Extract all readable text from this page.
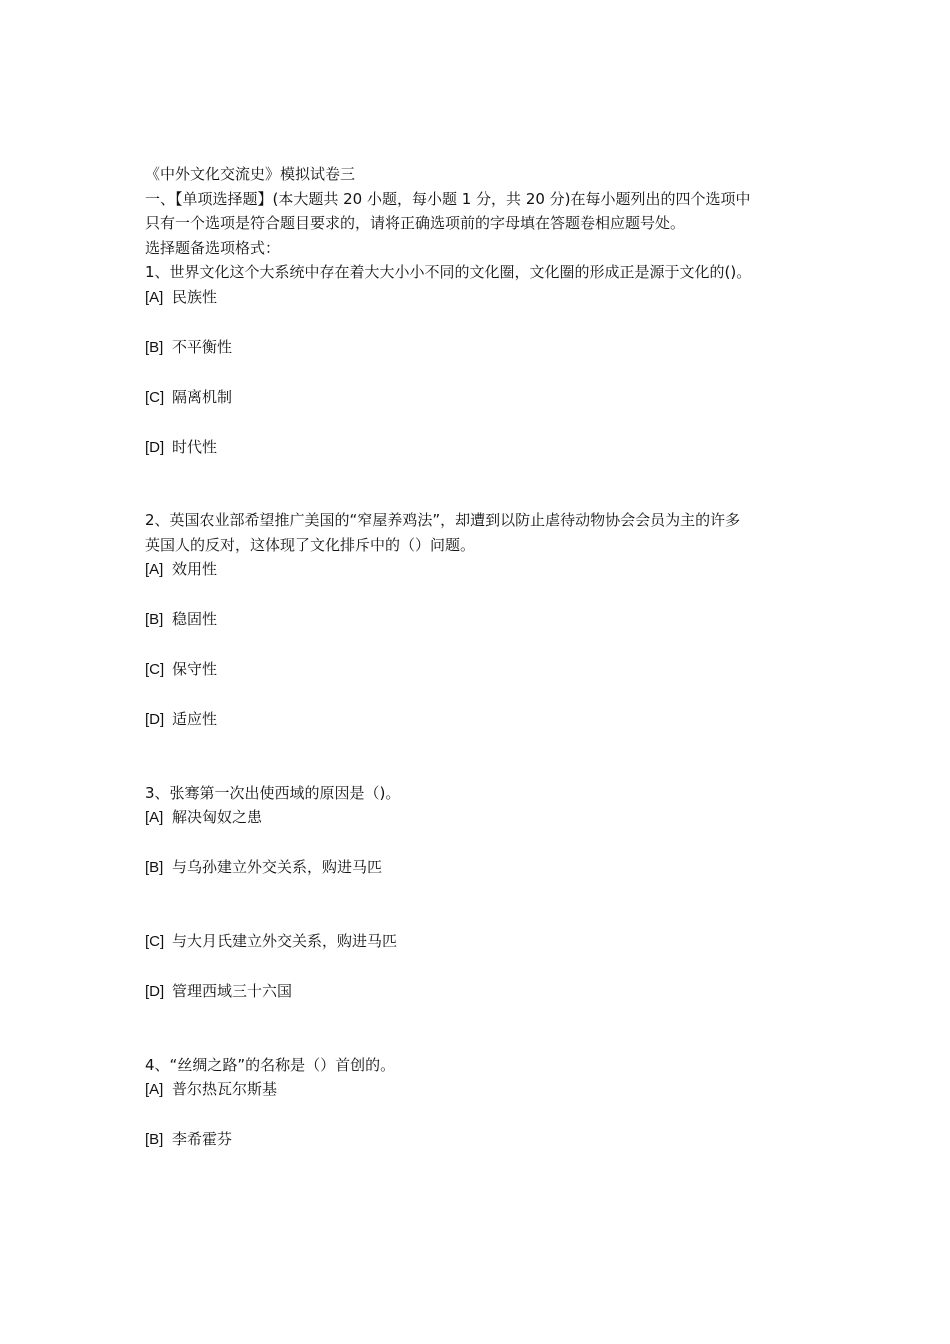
《中外文化交流史》模拟试卷三
一、【单项选择题】(本大题共 20 小题，每小题 1 分，共 20 分)在每小题列出的四个选项中
只有一个选项是符合题目要求的，请将正确选项前的字母填在答题卷相应题号处。
选择题备选项格式：
1、世界文化这个大系统中存在着大大小小不同的文化圈，文化圈的形成正是源于文化的()。
[A] 民族性
[B] 不平衡性
[C] 隔离机制
[D] 时代性
2、英国农业部希望推广美国的“窄屋养鸡法”，却遭到以防止虐待动物协会会员为主的许多
英国人的反对，这体现了文化排斥中的（）问题。
[A] 效用性
[B] 稳固性
[C] 保守性
[D] 适应性
3、张骞第一次出使西域的原因是（)。
[A] 解决匈奴之患
[B] 与乌孙建立外交关系，购进马匹
[C] 与大月氏建立外交关系，购进马匹
[D] 管理西域三十六国
4、“丝绸之路”的名称是（）首创的。
[A] 普尔热瓦尔斯基
[B] 李希霍芬
